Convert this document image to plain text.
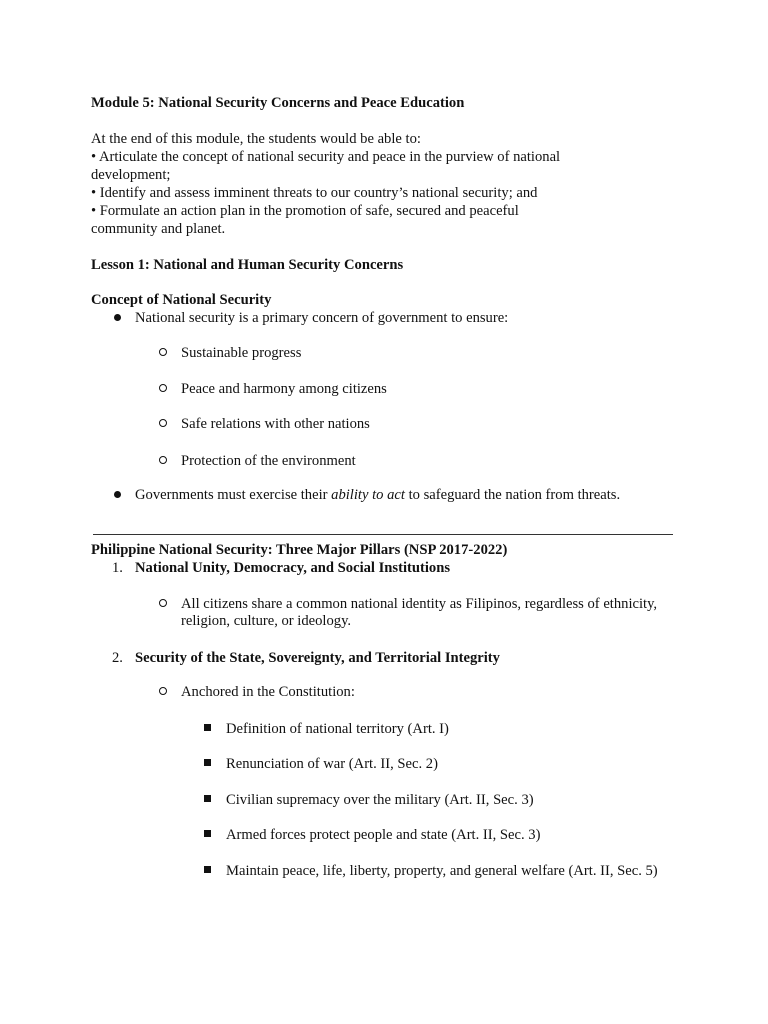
Module 5: National Security Concerns and Peace Education
At the end of this module, the students would be able to:
• Articulate the concept of national security and peace in the purview of national
development;
• Identify and assess imminent threats to our country’s national security; and
• Formulate an action plan in the promotion of safe, secured and peaceful
community and planet.
Lesson 1: National and Human Security Concerns
Concept of National Security
National security is a primary concern of government to ensure:
Sustainable progress
Peace and harmony among citizens
Safe relations with other nations
Protection of the environment
Governments must exercise their ability to act to safeguard the nation from threats.
Philippine National Security: Three Major Pillars (NSP 2017-2022)
1. National Unity, Democracy, and Social Institutions
All citizens share a common national identity as Filipinos, regardless of ethnicity,
religion, culture, or ideology.
2. Security of the State, Sovereignty, and Territorial Integrity
Anchored in the Constitution:
Definition of national territory (Art. I)
Renunciation of war (Art. II, Sec. 2)
Civilian supremacy over the military (Art. II, Sec. 3)
Armed forces protect people and state (Art. II, Sec. 3)
Maintain peace, life, liberty, property, and general welfare (Art. II, Sec. 5)
